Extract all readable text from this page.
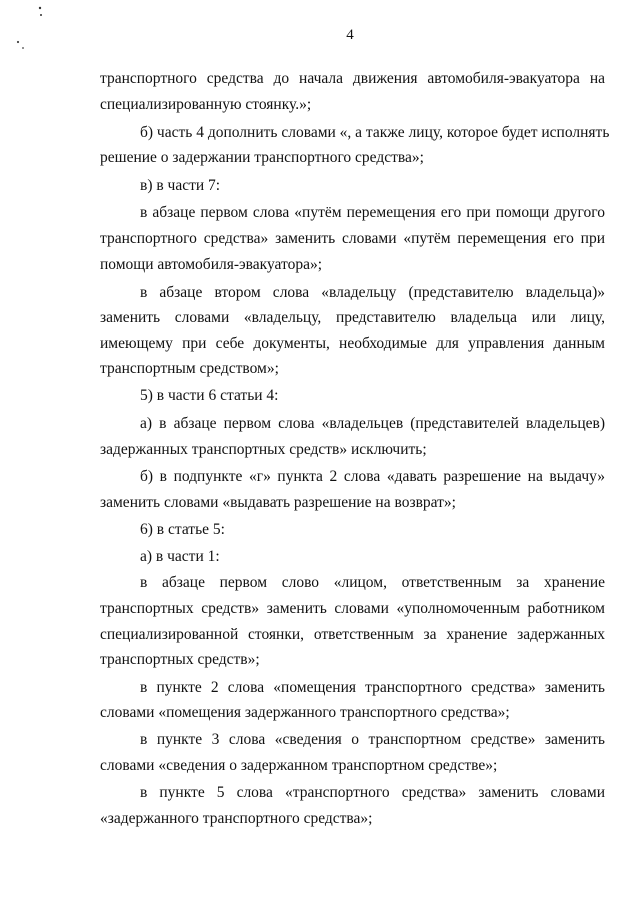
4
транспортного средства до начала движения автомобиля-эвакуатора на
специализированную стоянку.»;
б) часть 4 дополнить словами «, а также лицу, которое будет исполнять
решение о задержании транспортного средства»;
в) в части 7:
в абзаце первом слова «путём перемещения его при помощи другого
транспортного средства» заменить словами «путём перемещения его при
помощи автомобиля-эвакуатора»;
в абзаце втором слова «владельцу (представителю владельца)»
заменить словами «владельцу, представителю владельца или лицу,
имеющему при себе документы, необходимые для управления данным
транспортным средством»;
5) в части 6 статьи 4:
а) в абзаце первом слова «владельцев (представителей владельцев)
задержанных транспортных средств» исключить;
б) в подпункте «г» пункта 2 слова «давать разрешение на выдачу»
заменить словами «выдавать разрешение на возврат»;
6) в статье 5:
а) в части 1:
в абзаце первом слово «лицом, ответственным за хранение
транспортных средств» заменить словами «уполномоченным работником
специализированной стоянки, ответственным за хранение задержанных
транспортных средств»;
в пункте 2 слова «помещения транспортного средства» заменить
словами «помещения задержанного транспортного средства»;
в пункте 3 слова «сведения о транспортном средстве» заменить
словами «сведения о задержанном транспортном средстве»;
в пункте 5 слова «транспортного средства» заменить словами
«задержанного транспортного средства»;
